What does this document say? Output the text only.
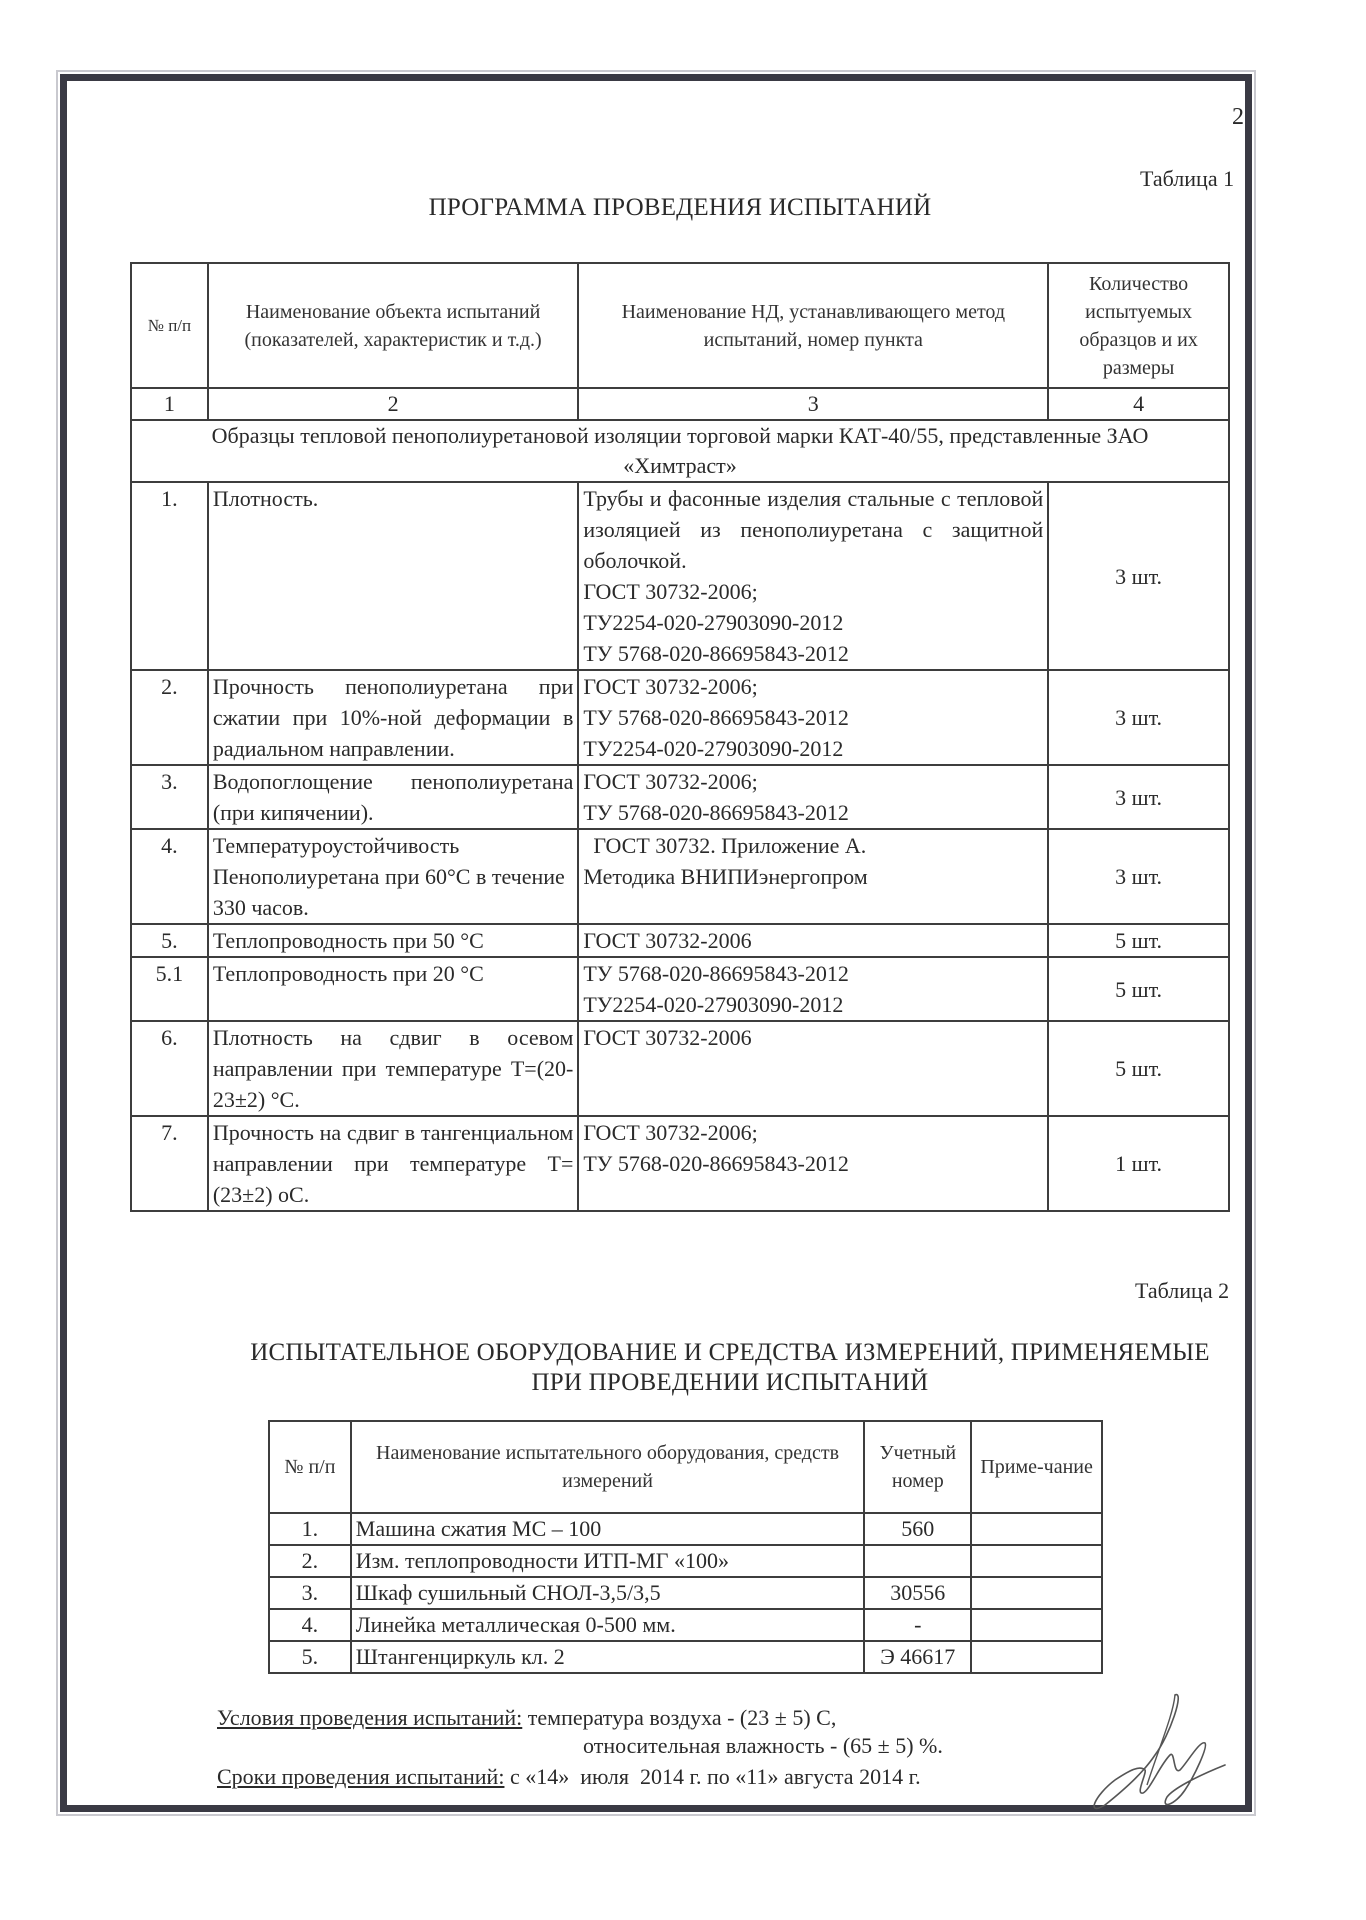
2
Таблица 1
ПРОГРАММА ПРОВЕДЕНИЯ ИСПЫТАНИЙ
№ п/п	Наименование объекта испытаний (показателей, характеристик и т.д.)	Наименование НД, устанавливающего метод испытаний, номер пункта	Количество испытуемых образцов и их размеры
1	2	3	4
Образцы тепловой пенополиуретановой изоляции торговой марки КАТ-40/55, представленные ЗАО «Химтраст»			
1.	Плотность.	Трубы и фасонные изделия стальные с тепловой изоляцией из пенополиуретана с защитной оболочкой.
ГОСТ 30732-2006;
ТУ2254-020-27903090-2012
ТУ 5768-020-86695843-2012	3 шт.
2.	Прочность пенополиуретана при сжатии при 10%-ной деформации в радиальном направлении.	ГОСТ 30732-2006;
ТУ 5768-020-86695843-2012
ТУ2254-020-27903090-2012	3 шт.
3.	Водопоглощение пенополиуретана (при кипячении).	ГОСТ 30732-2006;
ТУ 5768-020-86695843-2012	3 шт.
4.	Температуроустойчивость Пенополиуретана при 60°С в течение 330 часов.	ГОСТ 30732. Приложение А.
Методика ВНИПИэнергопром	3 шт.
5.	Теплопроводность при 50 °С	ГОСТ 30732-2006	5 шт.
5.1	Теплопроводность при 20 °С	ТУ 5768-020-86695843-2012
ТУ2254-020-27903090-2012	5 шт.
6.	Плотность на сдвиг в осевом направлении при температуре Т=(20-23±2) °С.	ГОСТ 30732-2006	5 шт.
7.	Прочность на сдвиг в тангенциальном направлении при температуре Т=(23±2) оС.	ГОСТ 30732-2006;
ТУ 5768-020-86695843-2012	1 шт.
Таблица 2
ИСПЫТАТЕЛЬНОЕ ОБОРУДОВАНИЕ И СРЕДСТВА ИЗМЕРЕНИЙ, ПРИМЕНЯЕМЫЕ
ПРИ ПРОВЕДЕНИИ ИСПЫТАНИЙ
№ п/п	Наименование испытательного оборудования, средств измерений	Учетный номер	Приме-чание
1.	Машина сжатия МС – 100	560	
2.	Изм. теплопроводности ИТП-МГ «100»		
3.	Шкаф сушильный СНОЛ-3,5/3,5	30556	
4.	Линейка металлическая 0-500 мм.	-	
5.	Штангенциркуль кл. 2	Э 46617	
Условия проведения испытаний: температура воздуха - (23 ± 5) С,
относительная влажность - (65 ± 5) %.
Сроки проведения испытаний: с «14»  июля  2014 г. по «11» августа 2014 г.
